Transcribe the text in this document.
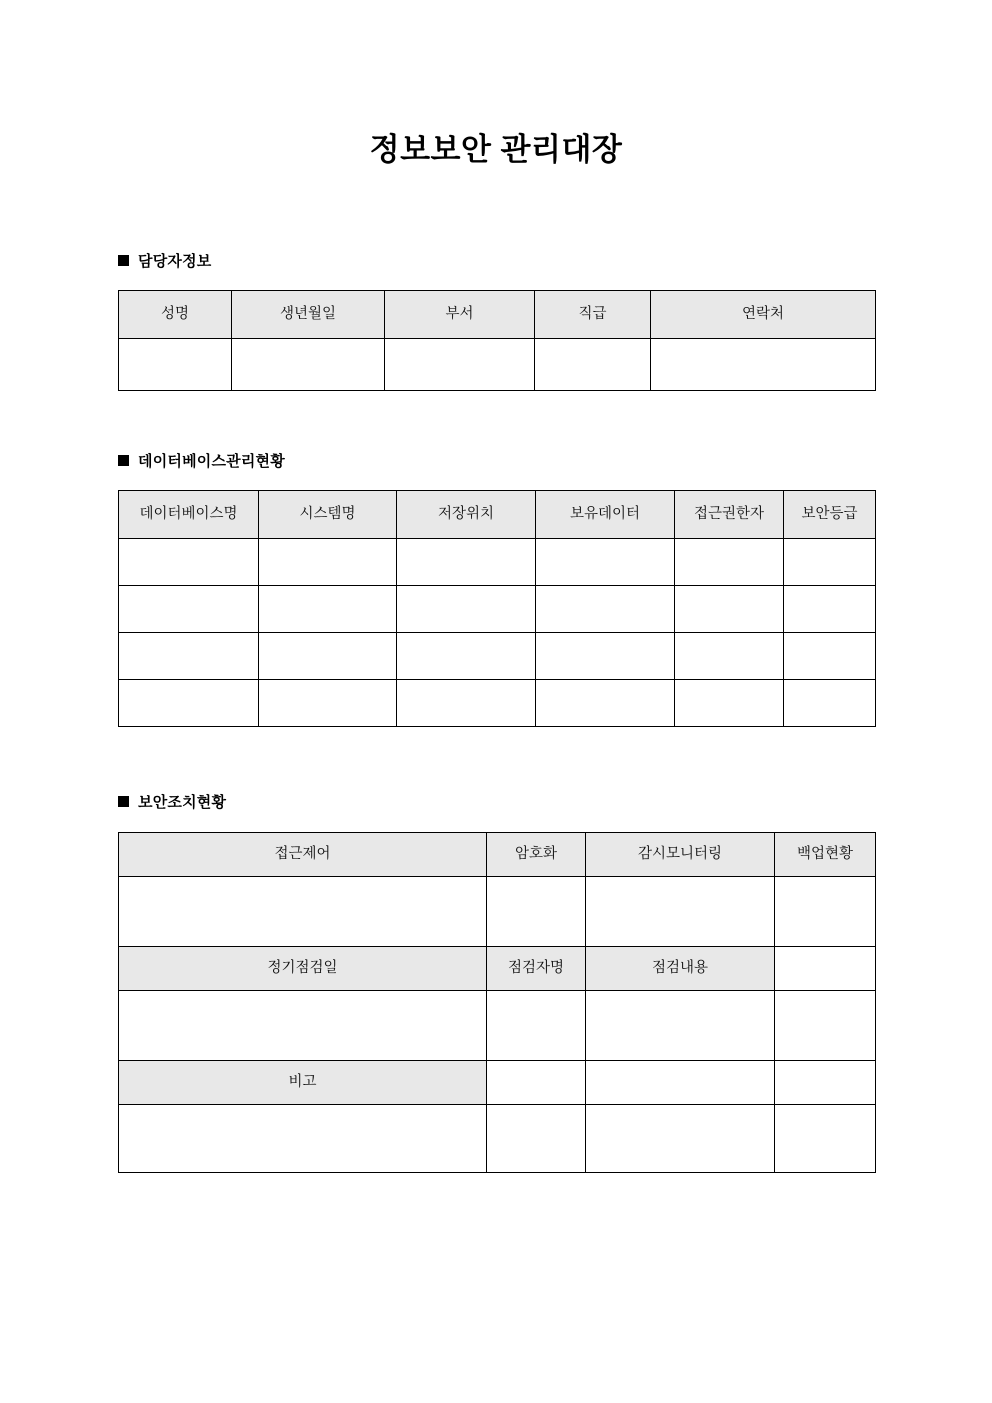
정보보안 관리대장
담당자정보
성명	생년월일	부서	직급	연락처

데이터베이스관리현황
데이터베이스명	시스템명	저장위치	보유데이터	접근권한자	보안등급

보안조치현황
접근제어	암호화	감시모니터링	백업현황

정기점검일	점검자명	점검내용	

비고			
